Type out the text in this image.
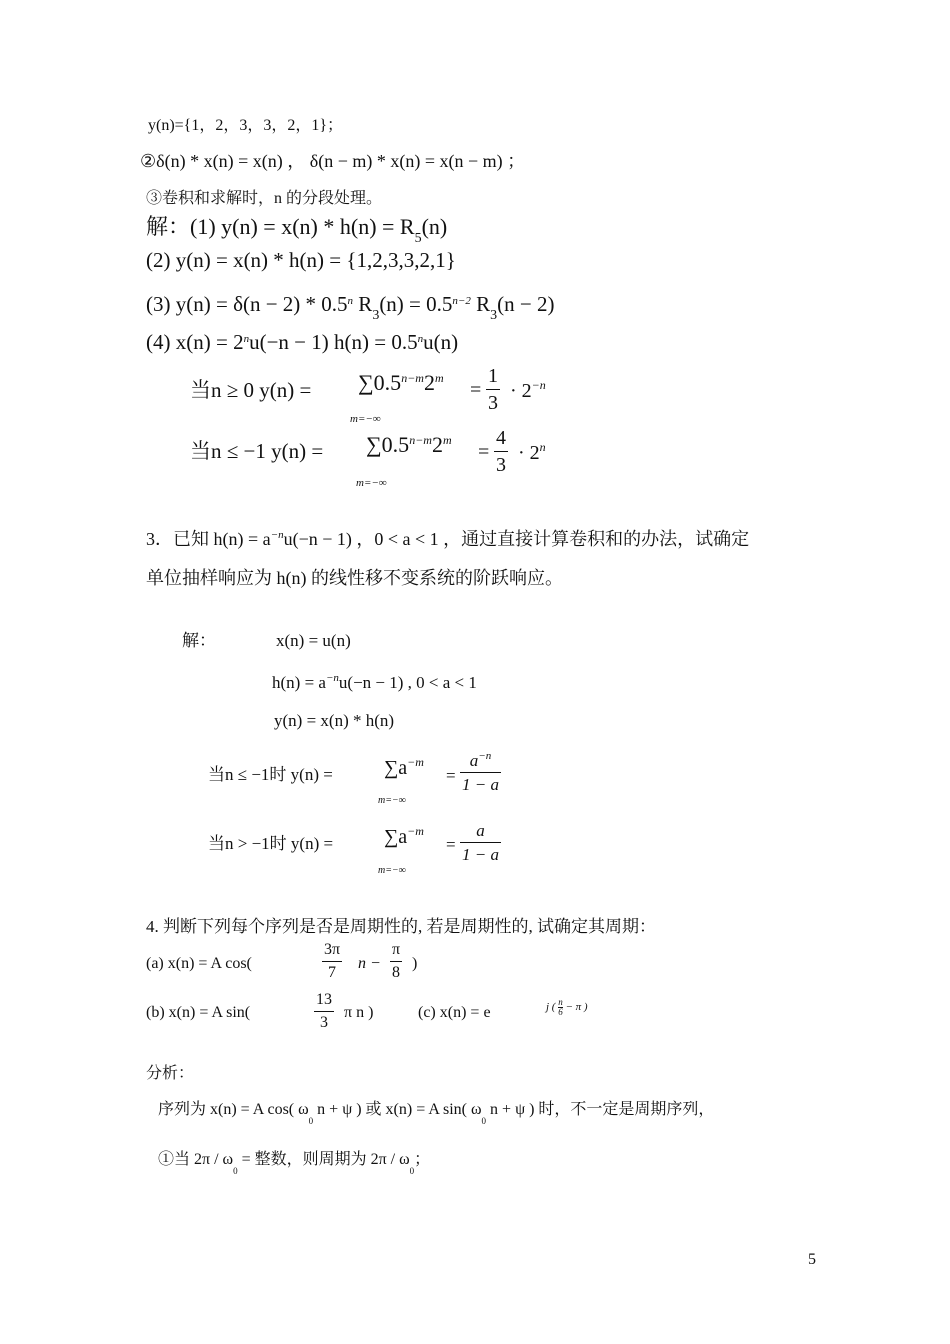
y(n)={1，2，3，3，2，1}；
②δ(n) * x(n) = x(n) ， δ(n − m) * x(n) = x(n − m) ；
③卷积和求解时，n 的分段处理。
解：(1) $y(n) = x(n) * h(n) = R_5(n)$
(2) y(n) = x(n) * h(n) = {1,2,3,3,2,1}
(3) y(n) = δ(n − 2) * 0.5$^n$ $R_3(n) = 0.5^{n-2}$ $R_3(n - 2)$
(4) $x(n) = 2^nu(-n - 1) h(n) = 0.5^nu(n)$
当n ≥ 0 $y(n) = \sum 0.5^{n-m}2^m$
= $\frac{1}{3} \cdot 2^{-n}$
m=−∞
当n ≤ −1 $y(n) = \sum 0.5^{n-m}2^m$
= $\frac{4}{3} \cdot 2^n$
m=−∞
3．已知 $h(n) = a^{-n}u(-n - 1)$ ，0 < a < 1 ，通过直接计算卷积和的办法，试确定
单位抽样响应为 h(n) 的线性移不变系统的阶跃响应。
解：	x(n) = u(n)
$h(n) = a^{-n}u(-n - 1)$ , 0 < a < 1
y(n) = x(n) * h(n)
当n ≤ −1时 y(n) =	$\sum a^{-m}$
= $\frac{a^{-n}}{1 - a}$
m=−∞
当n > −1时 y(n) =	$\sum a^{-m}$
= $\frac{a}{1 - a}$
m=−∞
4. 判断下列每个序列是否是周期性的, 若是周期性的, 试确定其周期：
(a) x(n) = A cos(	$\frac{3\pi}{7}$ $n - \frac{\pi}{8}$ )
(b) x(n) = A sin(	$\frac{13}{3}$ π n )	(c) x(n) = e	j ( $\frac{n}{6} - \pi$ )
分析：
序列为 x(n) = A cos( $\omega_0$ n + ψ ) 或 x(n) = A sin( $\omega_0$ n + ψ ) 时，不一定是周期序列，
①当 $2\pi / \omega_0$ = 整数，则周期为 $2\pi / \omega_0$；
5
